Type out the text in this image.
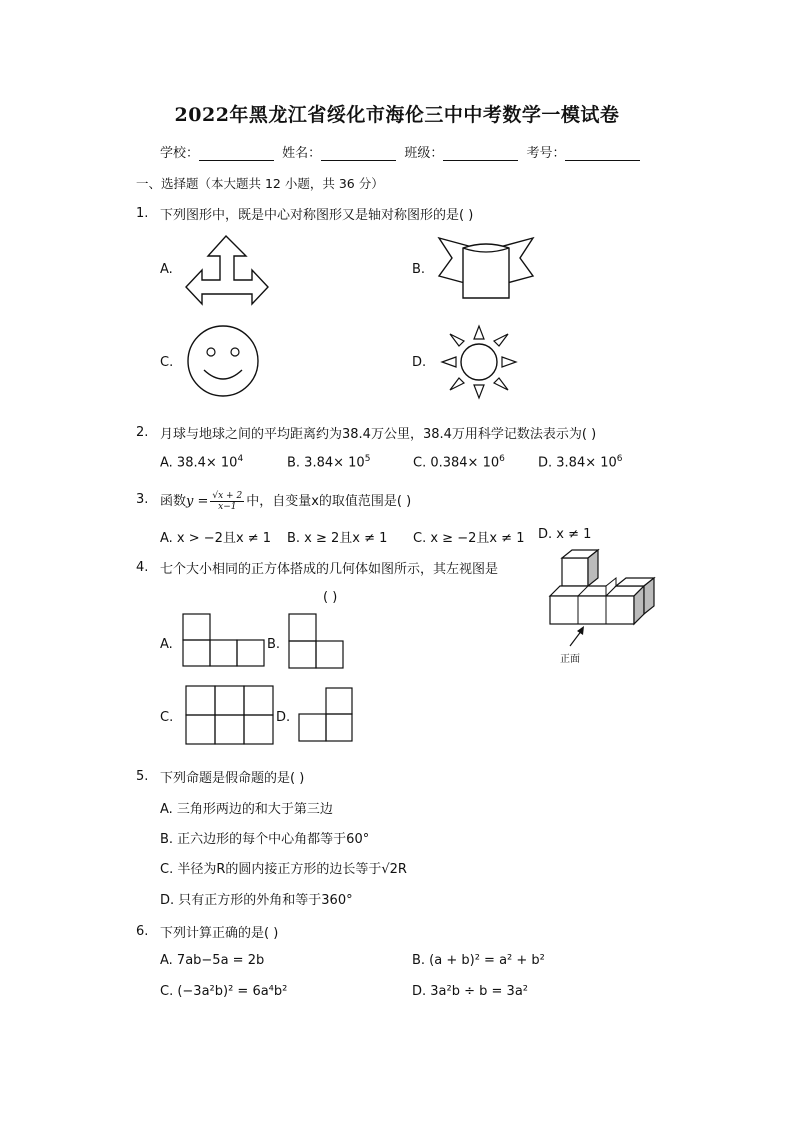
2022年黑龙江省绥化市海伦三中中考数学一模试卷
学校：	姓名：	班级：	考号：
一、选择题（本大题共 12 小题，共 36 分）
1. 下列图形中，既是中心对称图形又是轴对称图形的是( )
A.	B.
C.	D.
2. 月球与地球之间的平均距离约为38.4万公里，38.4万用科学记数法表示为( )
A. $38.4\times 10^4$	B. $3.84\times 10^5$	C. $0.384\times 10^6$	D. $3.84\times 10^6$
3. 函数$y = \frac{√x + 2}{x-1}$ 中，自变量x的取值范围是( )
A. x > −2且x ≠ 1 B. x ≥ 2且x ≠ 1 C. x ≥ −2且x ≠ 1 D. x ≠ 1
4. 七个大小相同的正方体搭成的几何体如图所示，其左视图是
( )
正面
A.	B.
C.	D.
5. 下列命题是假命题的是( )
A. 三角形两边的和大于第三边
B. 正六边形的每个中心角都等于60°
C. 半径为R的圆内接正方形的边长等于√2R
D. 只有正方形的外角和等于360°
6. 下列计算正确的是( )
A. 7ab−5a = 2b	B. (a + b)² = a² + b²
C. (−3a²b)² = 6a⁴b²	D. 3a²b ÷ b = 3a²
